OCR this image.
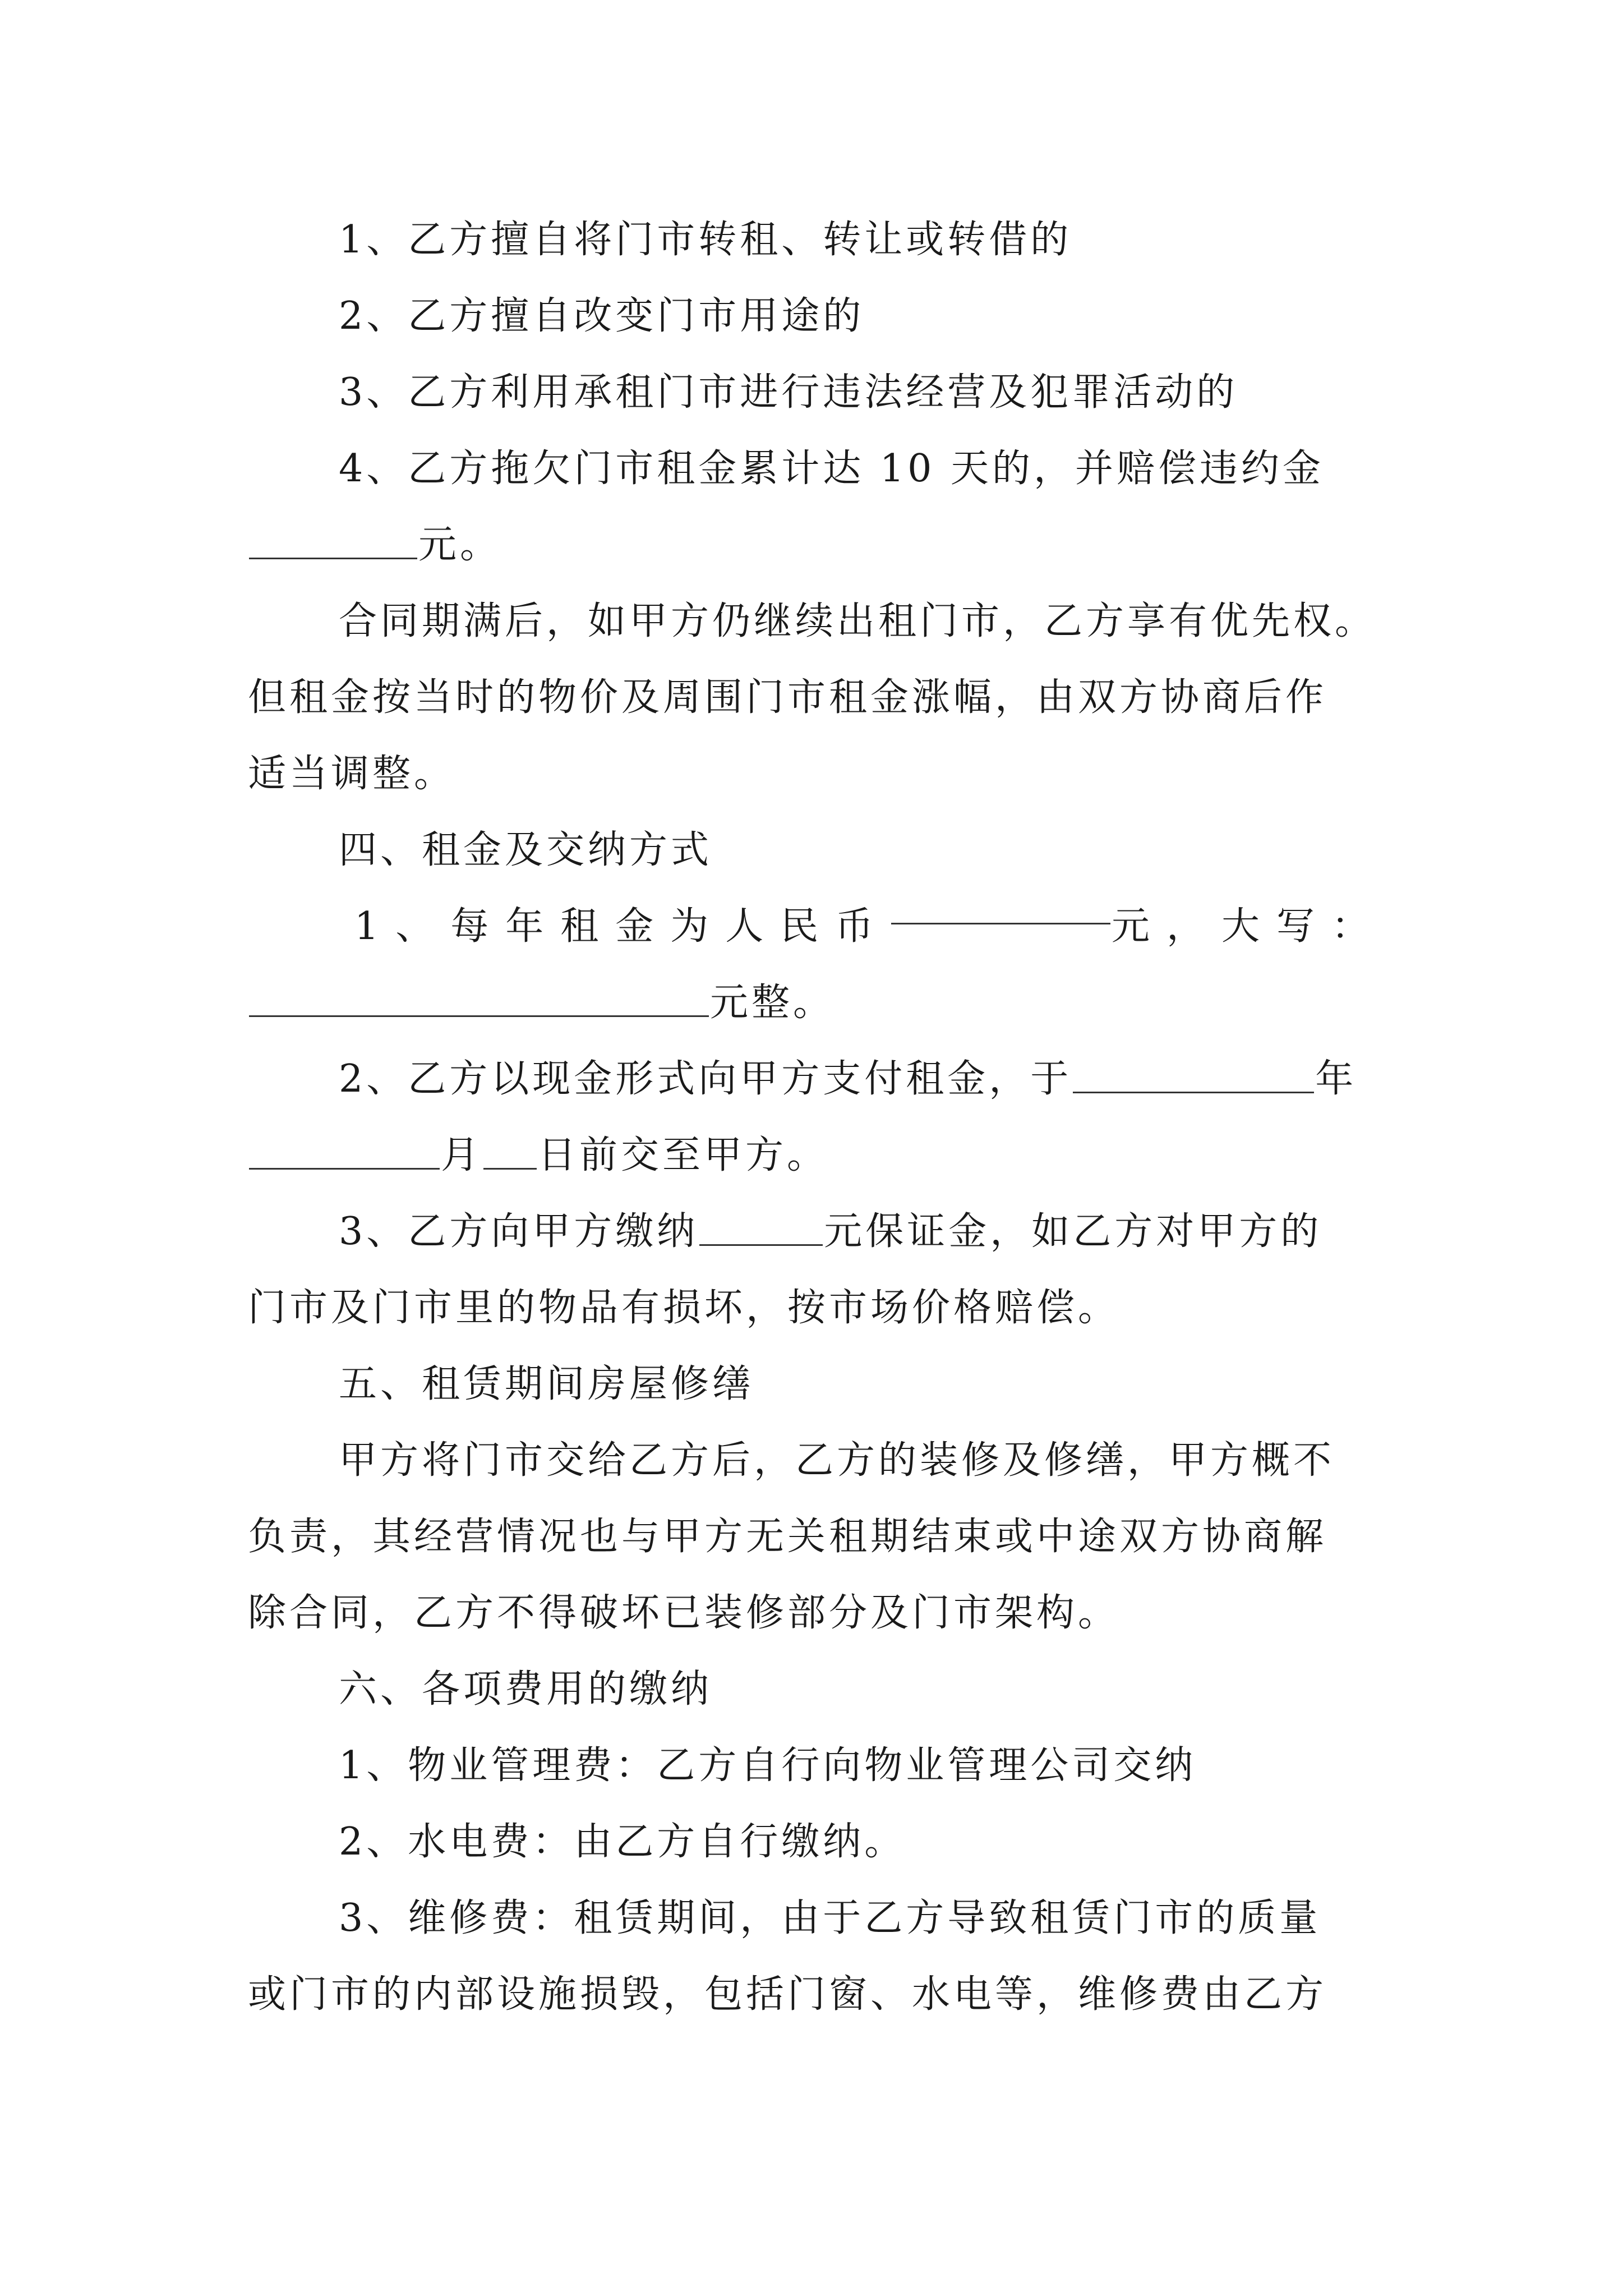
1、乙方擅自将门市转租、转让或转借的
2、乙方擅自改变门市用途的
3、乙方利用承租门市进行违法经营及犯罪活动的
4、乙方拖欠门市租金累计达 10 天的，并赔偿违约金
元。
合同期满后，如甲方仍继续出租门市，乙方享有优先权。
但租金按当时的物价及周围门市租金涨幅，由双方协商后作
适当调整。
四、租金及交纳方式
1、每年租金为人民币	元，大写：
元整。
2、乙方以现金形式向甲方支付租金，于	年
月 日前交至甲方。
3、乙方向甲方缴纳	元保证金，如乙方对甲方的
门市及门市里的物品有损坏，按市场价格赔偿。
五、租赁期间房屋修缮
甲方将门市交给乙方后，乙方的装修及修缮，甲方概不
负责，其经营情况也与甲方无关租期结束或中途双方协商解
除合同，乙方不得破坏已装修部分及门市架构。
六、各项费用的缴纳
1、物业管理费：乙方自行向物业管理公司交纳
2、水电费：由乙方自行缴纳。
3、维修费：租赁期间，由于乙方导致租赁门市的质量
或门市的内部设施损毁，包括门窗、水电等，维修费由乙方
